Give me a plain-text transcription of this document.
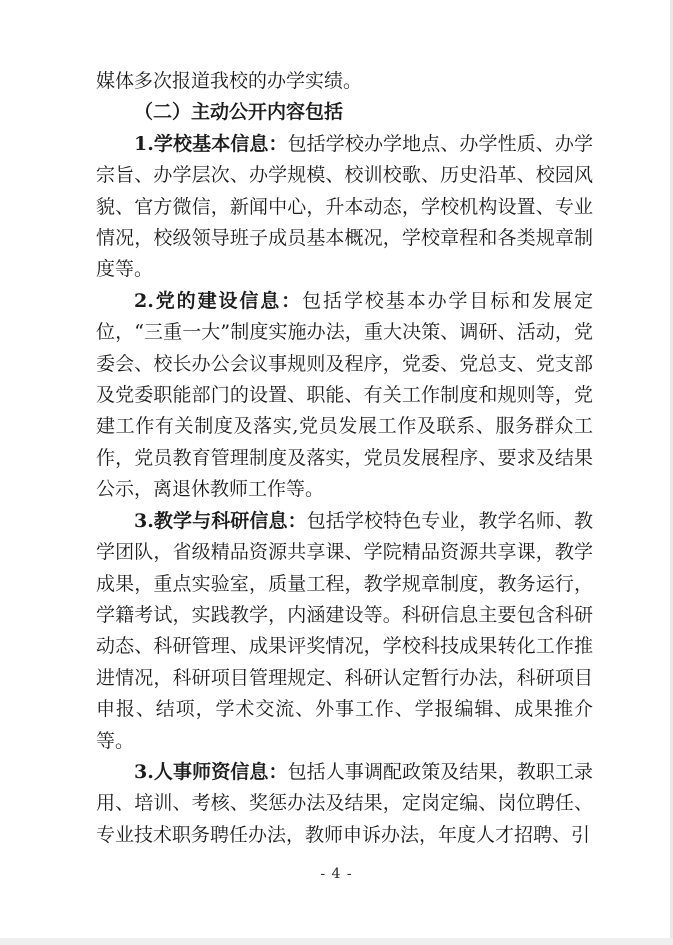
媒体多次报道我校的办学实绩。

（二）主动公开内容包括

1.学校基本信息：包括学校办学地点、办学性质、办学宗旨、办学层次、办学规模、校训校歌、历史沿革、校园风貌、官方微信，新闻中心，升本动态，学校机构设置、专业情况，校级领导班子成员基本概况，学校章程和各类规章制度等。

2.党的建设信息：包括学校基本办学目标和发展定位，“三重一大”制度实施办法，重大决策、调研、活动，党委会、校长办公会议事规则及程序，党委、党总支、党支部及党委职能部门的设置、职能、有关工作制度和规则等，党建工作有关制度及落实,党员发展工作及联系、服务群众工作，党员教育管理制度及落实，党员发展程序、要求及结果公示，离退休教师工作等。

3.教学与科研信息：包括学校特色专业，教学名师、教学团队，省级精品资源共享课、学院精品资源共享课，教学成果，重点实验室，质量工程，教学规章制度，教务运行，学籍考试，实践教学，内涵建设等。科研信息主要包含科研动态、科研管理、成果评奖情况，学校科技成果转化工作推进情况，科研项目管理规定、科研认定暂行办法，科研项目申报、结项，学术交流、外事工作、学报编辑、成果推介等。

3.人事师资信息：包括人事调配政策及结果，教职工录用、培训、考核、奖惩办法及结果，定岗定编、岗位聘任、专业技术职务聘任办法，教师申诉办法，年度人才招聘、引

- 4 -
